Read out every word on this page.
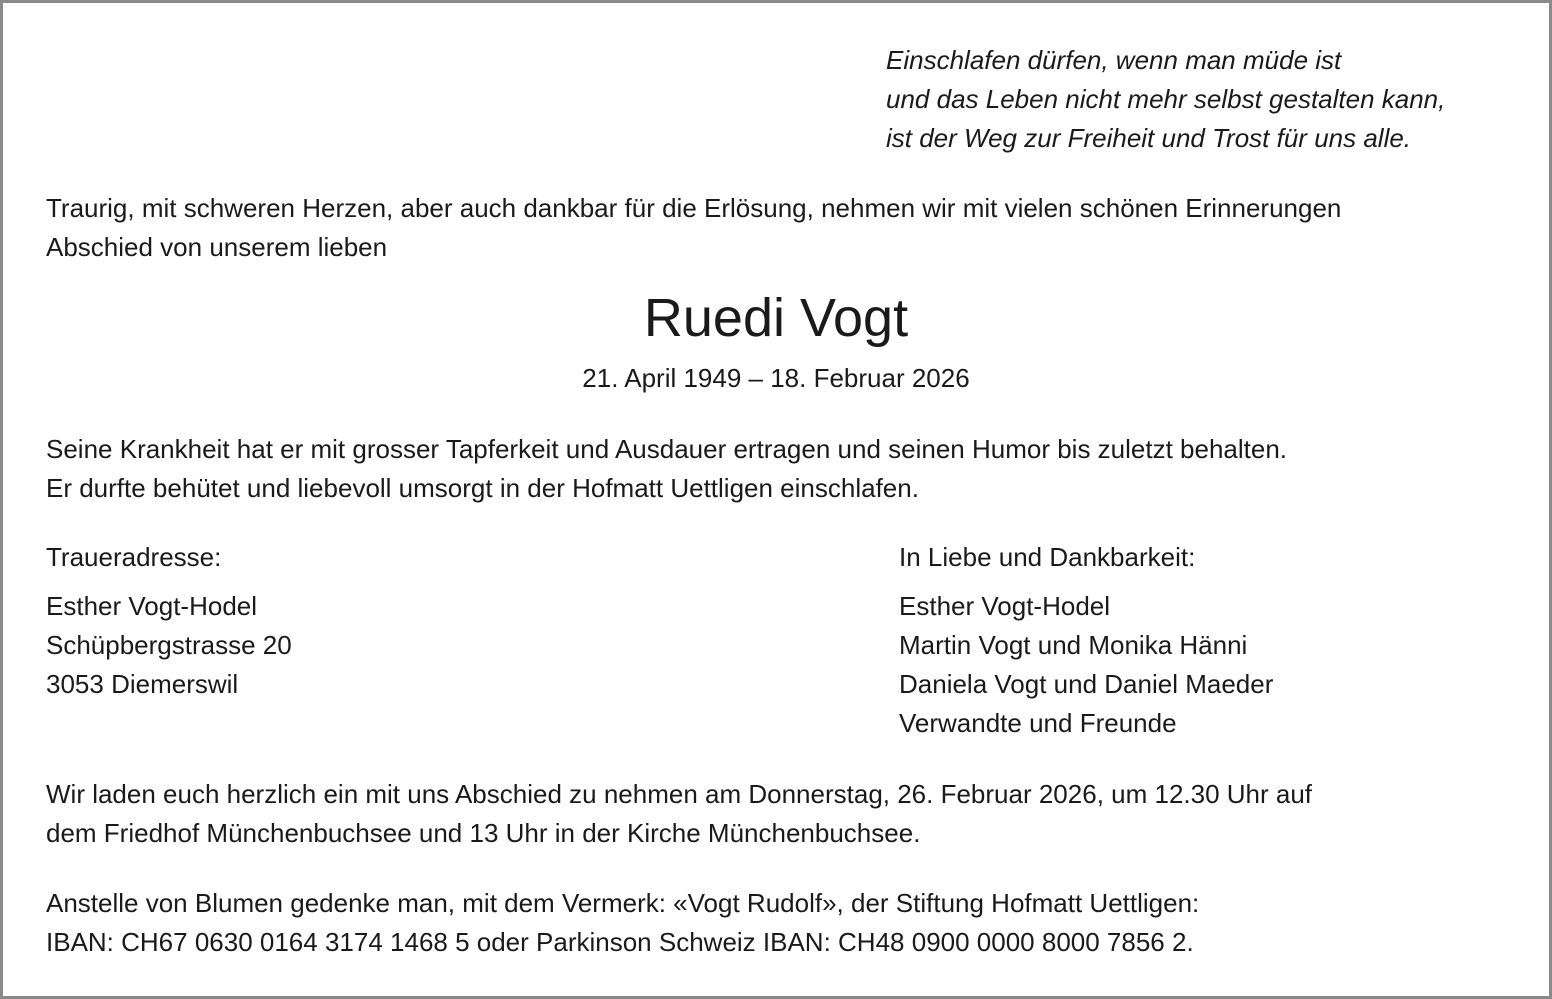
Einschlafen dürfen, wenn man müde ist

und das Leben nicht mehr selbst gestalten kann,

ist der Weg zur Freiheit und Trost für uns alle.

Traurig, mit schweren Herzen, aber auch dankbar für die Erlösung, nehmen wir mit vielen schönen Erinnerungen

Abschied von unserem lieben

Ruedi Vogt

21. April 1949 – 18. Februar 2026

Seine Krankheit hat er mit grosser Tapferkeit und Ausdauer ertragen und seinen Humor bis zuletzt behalten.

Er durfte behütet und liebevoll umsorgt in der Hofmatt Uettligen einschlafen.

Traueradresse:

Esther Vogt-Hodel

Schüpbergstrasse 20

3053 Diemerswil

In Liebe und Dankbarkeit:

Esther Vogt-Hodel

Martin Vogt und Monika Hänni

Daniela Vogt und Daniel Maeder

Verwandte und Freunde

Wir laden euch herzlich ein mit uns Abschied zu nehmen am Donnerstag, 26. Februar 2026, um 12.30 Uhr auf

dem Friedhof Münchenbuchsee und 13 Uhr in der Kirche Münchenbuchsee.

Anstelle von Blumen gedenke man, mit dem Vermerk: «Vogt Rudolf», der Stiftung Hofmatt Uettligen:

IBAN: CH67 0630 0164 3174 1468 5 oder Parkinson Schweiz IBAN: CH48 0900 0000 8000 7856 2.
